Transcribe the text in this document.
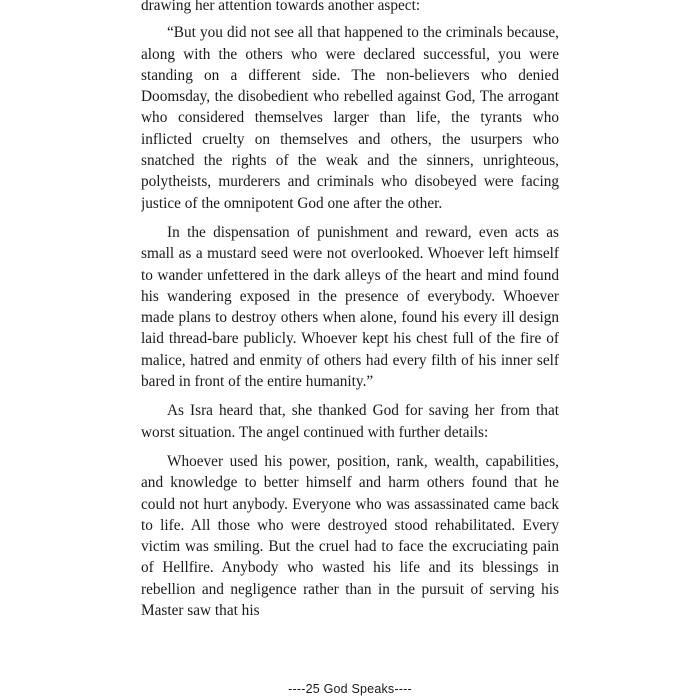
drawing her attention towards another aspect:

“But you did not see all that happened to the criminals because, along with the others who were declared successful, you were standing on a different side. The non-believers who denied Doomsday, the disobedient who rebelled against God, The arrogant who considered themselves larger than life, the tyrants who inflicted cruelty on themselves and others, the usurpers who snatched the rights of the weak and the sinners, unrighteous, polytheists, murderers and criminals who disobeyed were facing justice of the omnipotent God one after the other.

In the dispensation of punishment and reward, even acts as small as a mustard seed were not overlooked. Whoever left himself to wander unfettered in the dark alleys of the heart and mind found his wandering exposed in the presence of everybody. Whoever made plans to destroy others when alone, found his every ill design laid thread-bare publicly. Whoever kept his chest full of the fire of malice, hatred and enmity of others had every filth of his inner self bared in front of the entire humanity.”

As Isra heard that, she thanked God for saving her from that worst situation. The angel continued with further details:

Whoever used his power, position, rank, wealth, capabilities, and knowledge to better himself and harm others found that he could not hurt anybody. Everyone who was assassinated came back to life. All those who were destroyed stood rehabilitated. Every victim was smiling. But the cruel had to face the excruciating pain of Hellfire. Anybody who wasted his life and its blessings in rebellion and negligence rather than in the pursuit of serving his Master saw that his

----25 God Speaks----
